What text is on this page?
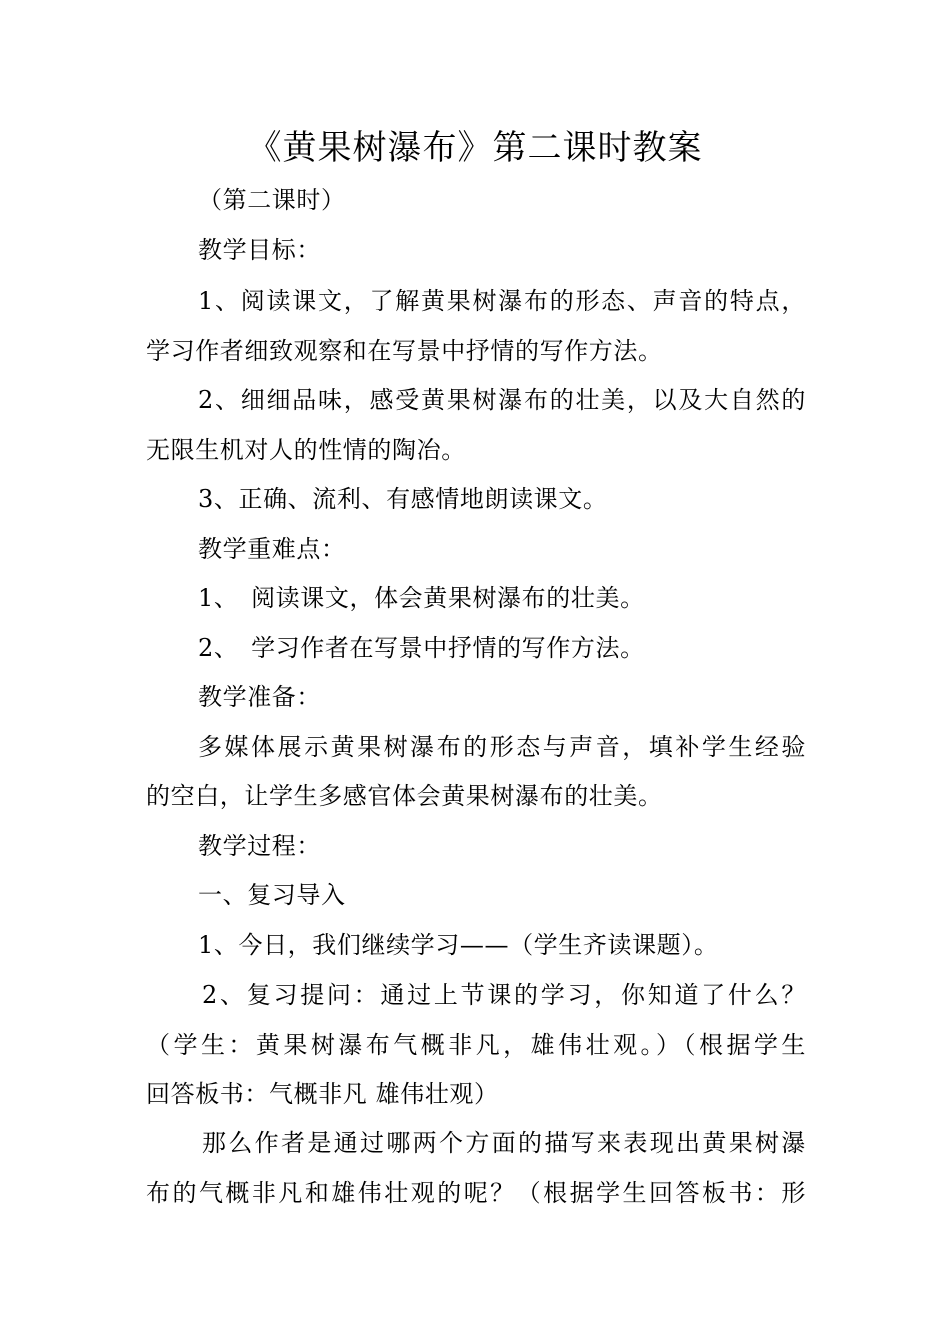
《黄果树瀑布》第二课时教案
（第二课时）
教学目标：
1、阅读课文，了解黄果树瀑布的形态、声音的特点，
学习作者细致观察和在写景中抒情的写作方法。
2、细细品味，感受黄果树瀑布的壮美，以及大自然的
无限生机对人的性情的陶冶。
3、正确、流利、有感情地朗读课文。
教学重难点：
1、　阅读课文，体会黄果树瀑布的壮美。
2、　学习作者在写景中抒情的写作方法。
教学准备：
多媒体展示黄果树瀑布的形态与声音，填补学生经验
的空白，让学生多感官体会黄果树瀑布的壮美。
教学过程：
一、复习导入
1、今日，我们继续学习——（学生齐读课题）。
2、复习提问：通过上节课的学习，你知道了什么？
（学生：黄果树瀑布气概非凡，雄伟壮观。）（根据学生
回答板书：气概非凡 雄伟壮观）
那么作者是通过哪两个方面的描写来表现出黄果树瀑
布的气概非凡和雄伟壮观的呢？（根据学生回答板书：形
